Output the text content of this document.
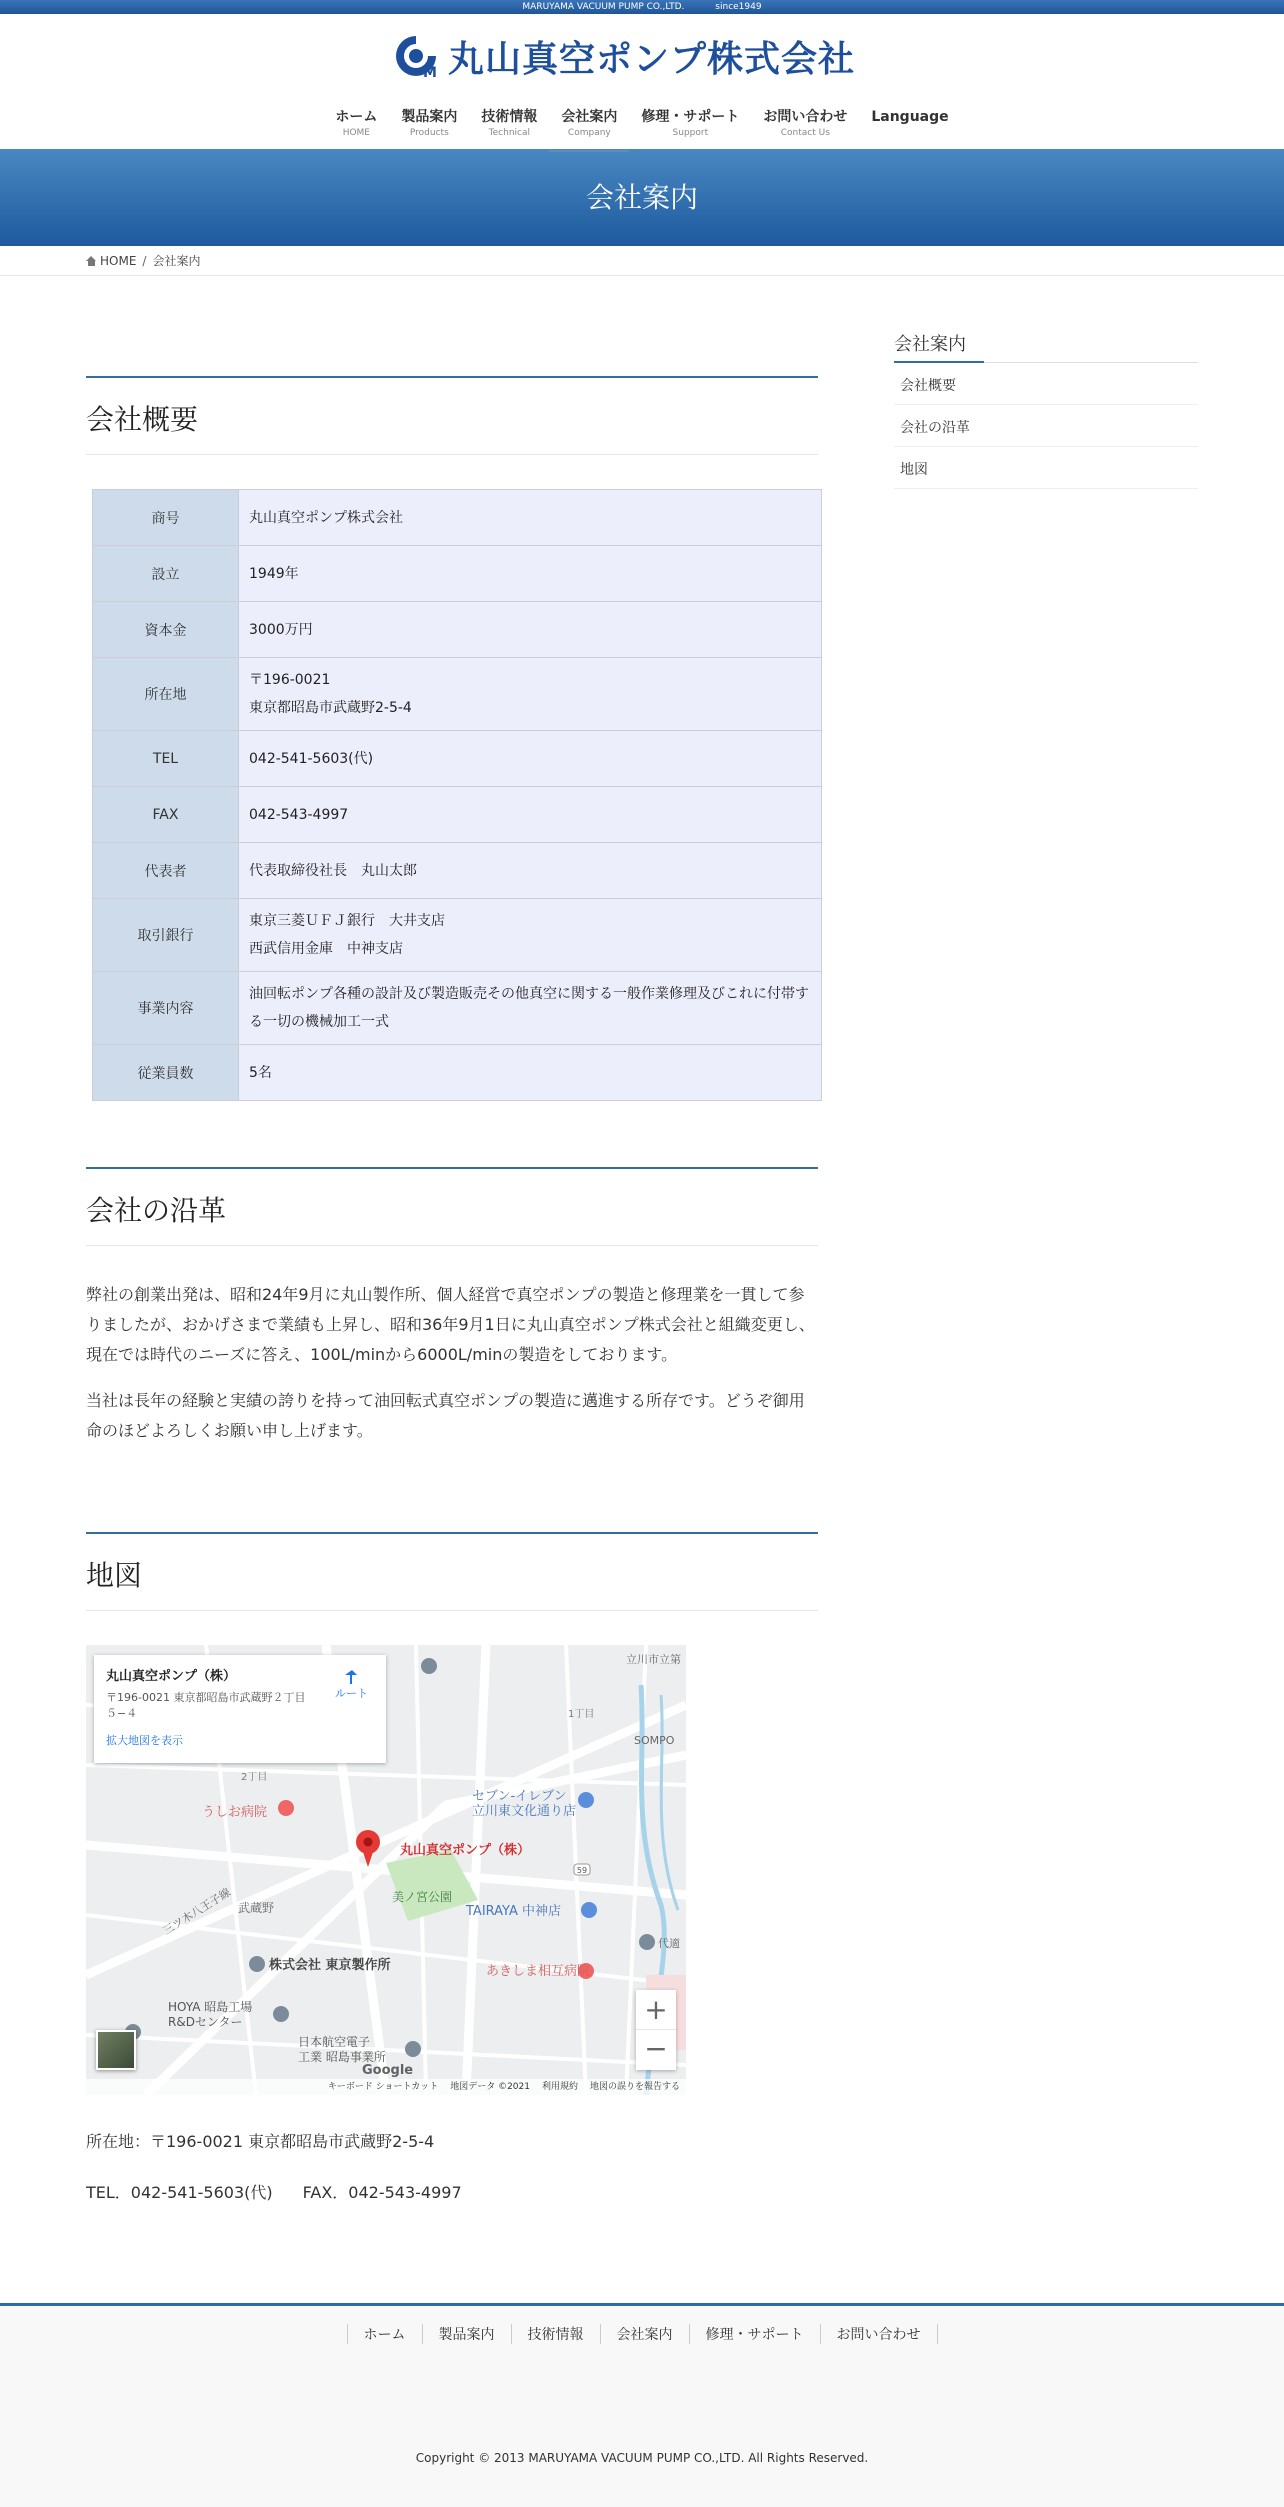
MARUYAMA VACUUM PUMP CO.,LTD.	since1949
M 丸山真空ポンプ株式会社
ホーム
HOME
製品案内
Products
技術情報
Technical
会社案内
Company
修理・サポート
Support
お問い合わせ
Contact Us
Language
会社案内
HOME / 会社案内
会社概要
商号	丸山真空ポンプ株式会社

設立	1949年

資本金	3000万円

所在地	〒196-0021
東京都昭島市武蔵野2-5-4

TEL	042-541-5603(代)

FAX	042-543-4997

代表者	代表取締役社長　丸山太郎

取引銀行	東京三菱ＵＦＪ銀行　大井支店
西武信用金庫　中神支店

事業内容	油回転ポンプ各種の設計及び製造販売その他真空に関する一般作業修理及びこれに付帯する一切の機械加工一式

従業員数	5名
会社の沿革

弊社の創業出発は、昭和24年9月に丸山製作所、個人経営で真空ポンプの製造と修理業を一貫して参りましたが、おかげさまで業績も上昇し、昭和36年9月1日に丸山真空ポンプ株式会社と組織変更し、現在では時代のニーズに答え、100L/minから6000L/minの製造をしております。

当社は長年の経験と実績の誇りを持って油回転式真空ポンプの製造に邁進する所存です。どうぞ御用命のほどよろしくお願い申し上げます。

地図
59
丸山真空ポンプ（株）
うしお病院
セブン-イレブン
立川東文化通り店
美ノ宮公園
TAIRAYA 中神店
株式会社 東京製作所
HOYA 昭島工場
R&Dセンター
あきしま相互病院
日本航空電子
工業 昭島事業所
武蔵野
三ツ木八王子線
立川市立第
SOMPO
1丁目
2丁目
代適
丸山真空ポンプ（株）
〒196-0021 東京都昭島市武蔵野２丁目５−４
拡大地図を表示
ルート
+
−
Google
キーボード ショートカット 地図データ ©2021 利用規約 地図の誤りを報告する

所在地：〒196-0021 東京都昭島市武蔵野2-5-4

TEL．042-541-5603(代) FAX．042-543-4997

会社案内
会社概要
会社の沿革
地図
ホーム	製品案内	技術情報	会社案内	修理・サポート	お問い合わせ
Copyright © 2013 MARUYAMA VACUUM PUMP CO.,LTD. All Rights Reserved.
